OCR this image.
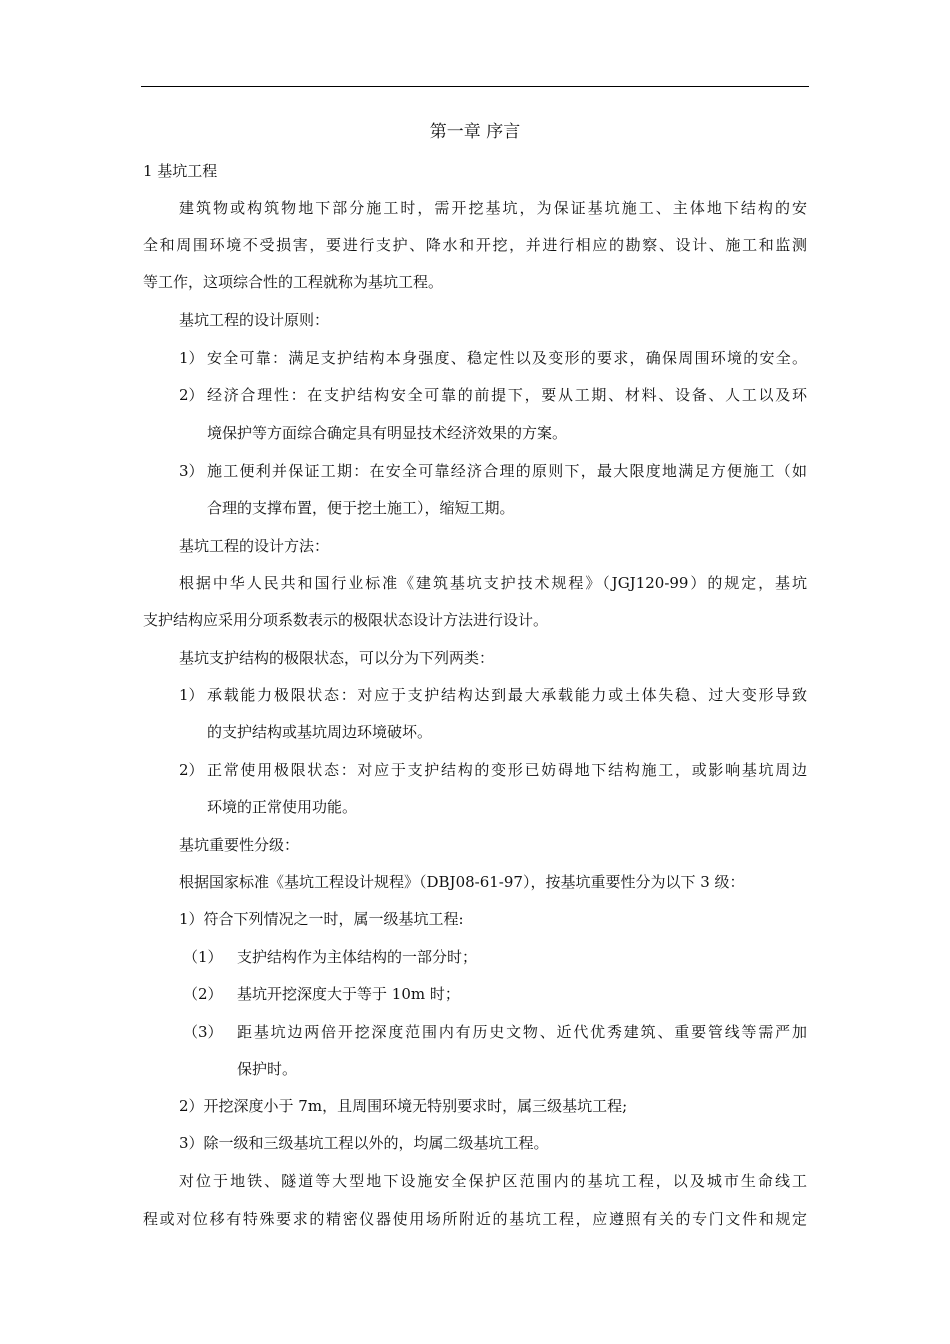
第一章 序言
1 基坑工程
建筑物或构筑物地下部分施工时，需开挖基坑，为保证基坑施工、主体地下结构的安
全和周围环境不受损害，要进行支护、降水和开挖，并进行相应的勘察、设计、施工和监测
等工作，这项综合性的工程就称为基坑工程。
基坑工程的设计原则：
1） 安全可靠：满足支护结构本身强度、稳定性以及变形的要求，确保周围环境的安全。
2） 经济合理性：在支护结构安全可靠的前提下，要从工期、材料、设备、人工以及环
境保护等方面综合确定具有明显技术经济效果的方案。
3） 施工便利并保证工期：在安全可靠经济合理的原则下，最大限度地满足方便施工（如
合理的支撑布置，便于挖土施工），缩短工期。
基坑工程的设计方法：
根据中华人民共和国行业标准《建筑基坑支护技术规程》（JGJ120-99）的规定，基坑
支护结构应采用分项系数表示的极限状态设计方法进行设计。
基坑支护结构的极限状态，可以分为下列两类：
1） 承载能力极限状态：对应于支护结构达到最大承载能力或土体失稳、过大变形导致
的支护结构或基坑周边环境破坏。
2） 正常使用极限状态：对应于支护结构的变形已妨碍地下结构施工，或影响基坑周边
环境的正常使用功能。
基坑重要性分级：
根据国家标准《基坑工程设计规程》（DBJ08-61-97），按基坑重要性分为以下 3 级：
1）符合下列情况之一时，属一级基坑工程:
（1） 支护结构作为主体结构的一部分时；
（2） 基坑开挖深度大于等于 10m 时；
（3） 距基坑边两倍开挖深度范围内有历史文物、近代优秀建筑、重要管线等需严加
保护时。
2）开挖深度小于 7m，且周围环境无特别要求时，属三级基坑工程;
3）除一级和三级基坑工程以外的，均属二级基坑工程。
对位于地铁、隧道等大型地下设施安全保护区范围内的基坑工程，以及城市生命线工
程或对位移有特殊要求的精密仪器使用场所附近的基坑工程，应遵照有关的专门文件和规定
